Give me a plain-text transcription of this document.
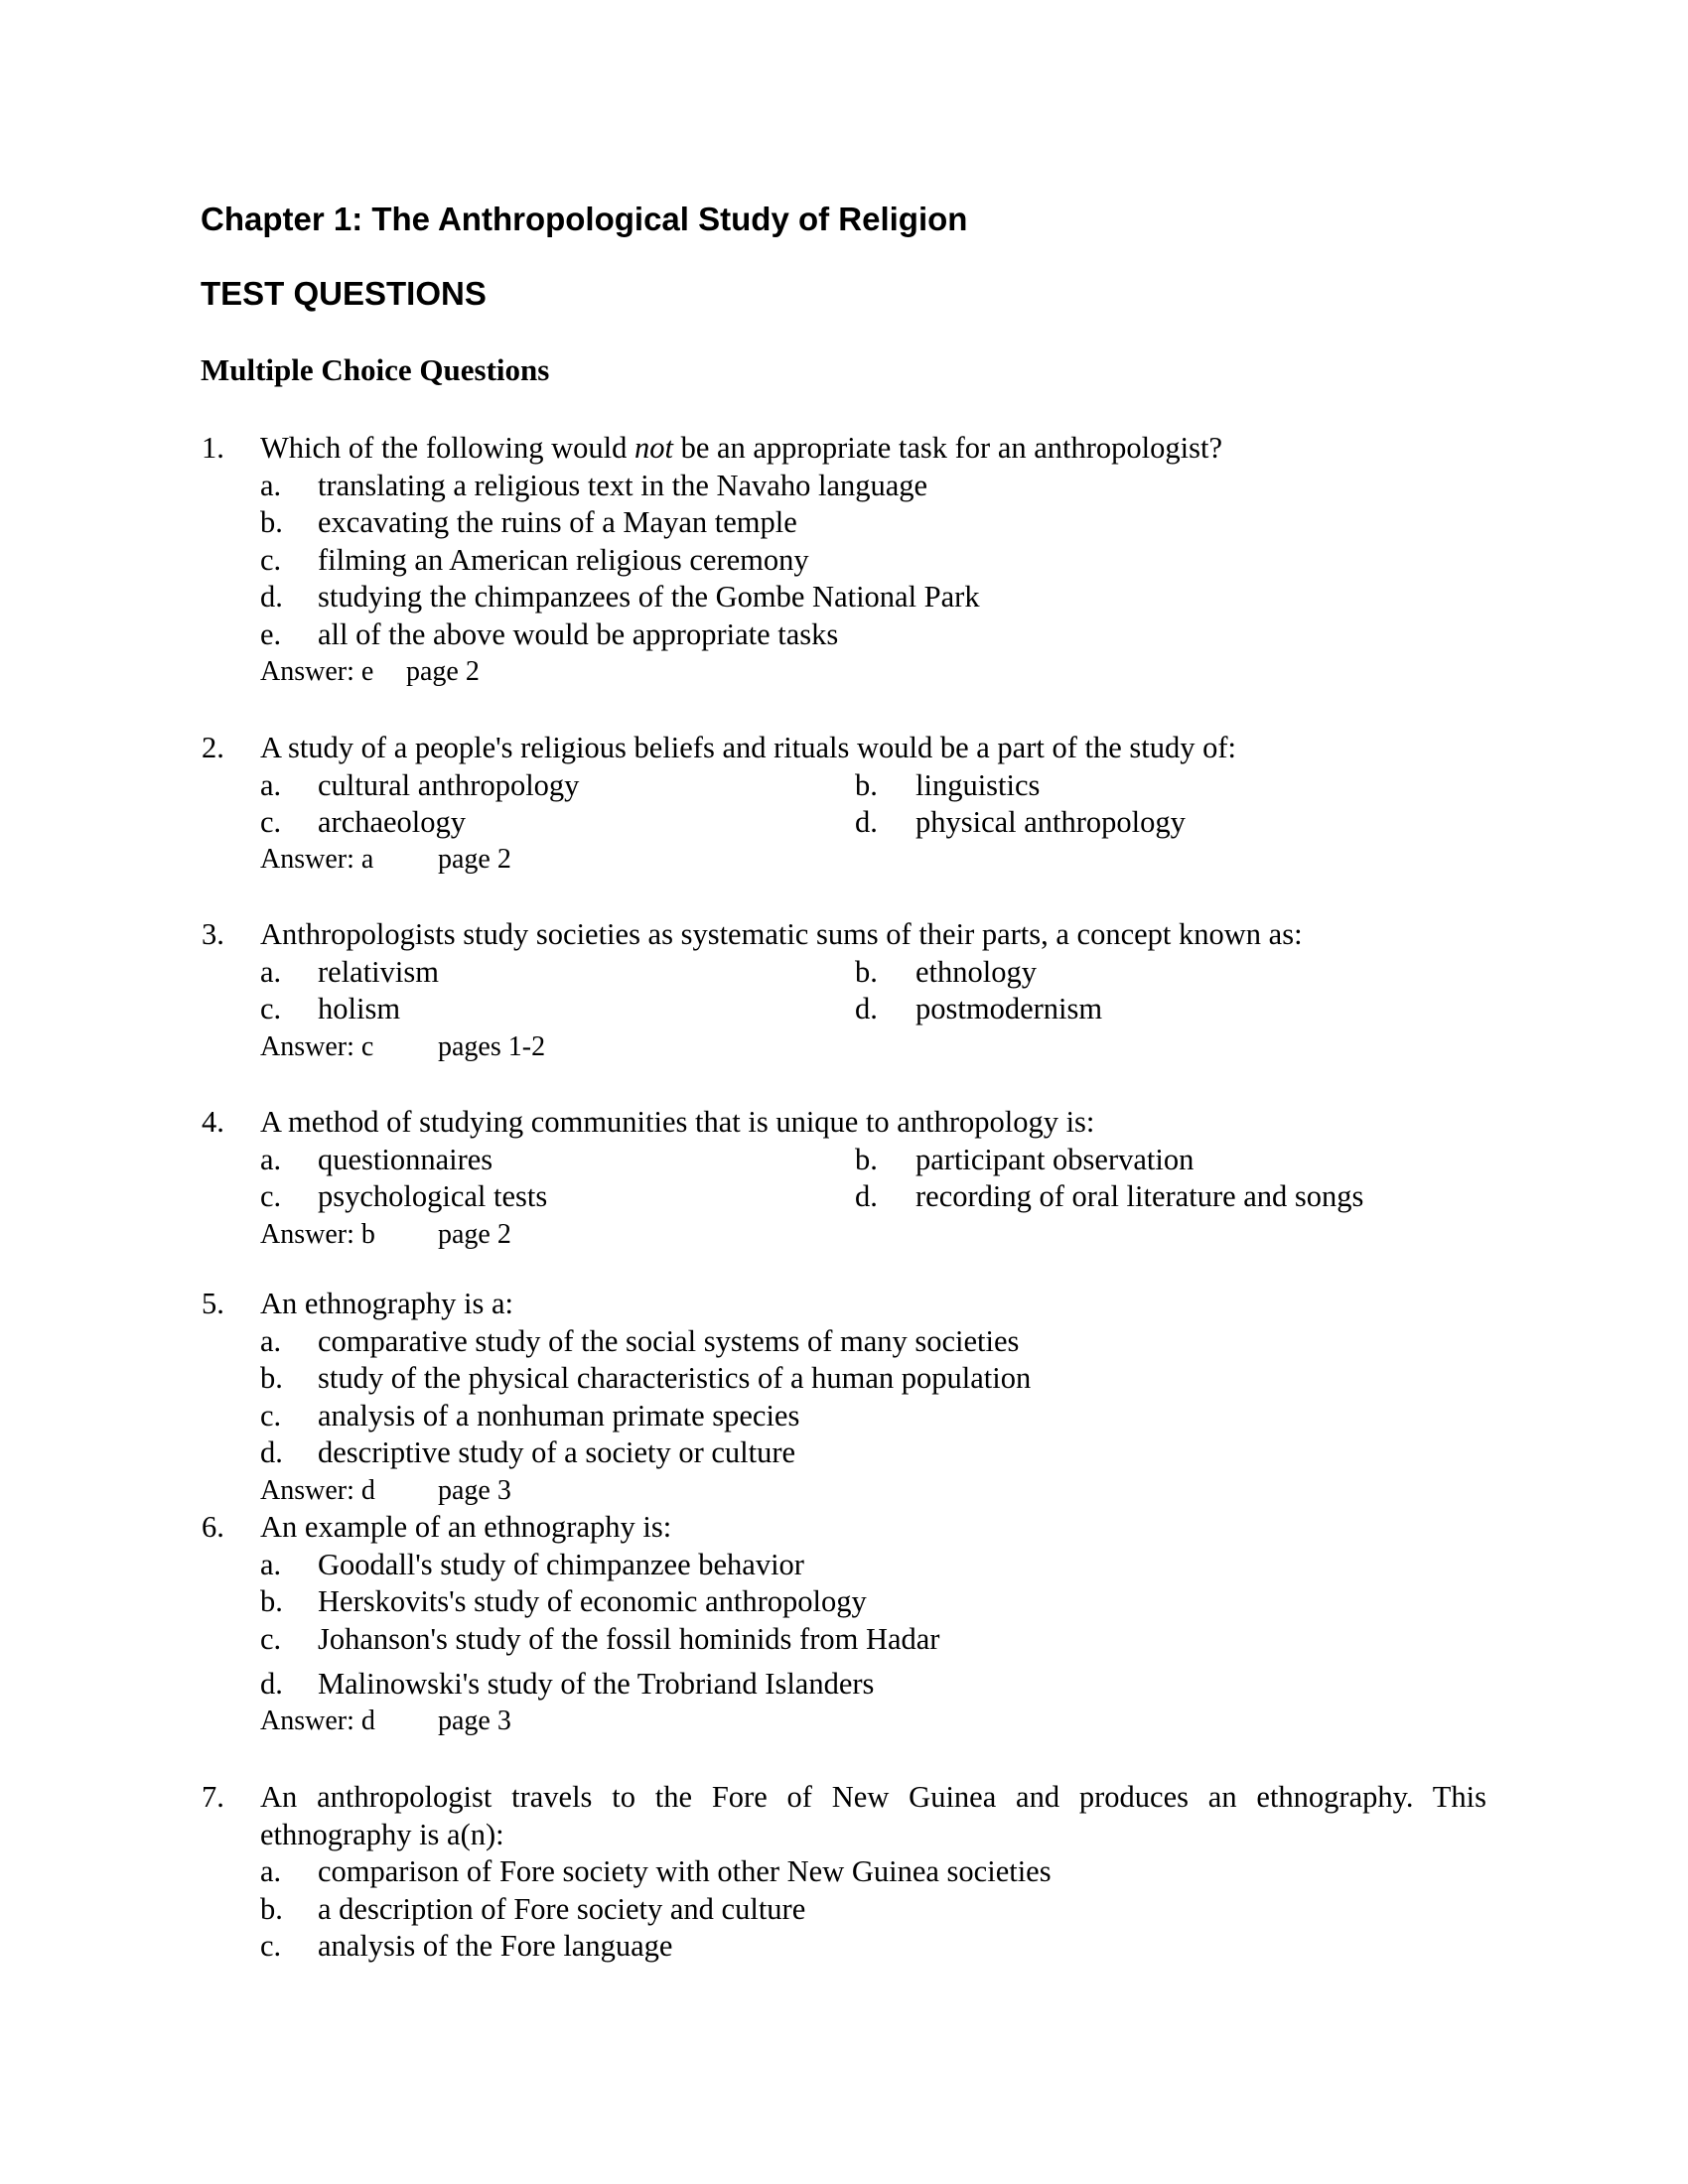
Chapter 1: The Anthropological Study of Religion
TEST QUESTIONS
Multiple Choice Questions
1. Which of the following would not be an appropriate task for an anthropologist?
a. translating a religious text in the Navaho language
b. excavating the ruins of a Mayan temple
c. filming an American religious ceremony
d. studying the chimpanzees of the Gombe National Park
e. all of the above would be appropriate tasks
Answer: e page 2
2. A study of a people's religious beliefs and rituals would be a part of the study of:
a. cultural anthropology	b. linguistics
c. archaeology	d. physical anthropology
Answer: a page 2
3. Anthropologists study societies as systematic sums of their parts, a concept known as:
a. relativism	b. ethnology
c. holism	d. postmodernism
Answer: c pages 1-2
4. A method of studying communities that is unique to anthropology is:
a. questionnaires	b. participant observation
c. psychological tests	d. recording of oral literature and songs
Answer: b page 2
5. An ethnography is a:
a. comparative study of the social systems of many societies
b. study of the physical characteristics of a human population
c. analysis of a nonhuman primate species
d. descriptive study of a society or culture
Answer: d page 3
6. An example of an ethnography is:
a. Goodall's study of chimpanzee behavior
b. Herskovits's study of economic anthropology
c. Johanson's study of the fossil hominids from Hadar
d. Malinowski's study of the Trobriand Islanders
Answer: d page 3
7. An anthropologist travels to the Fore of New Guinea and produces an ethnography. This
ethnography is a(n):
a. comparison of Fore society with other New Guinea societies
b. a description of Fore society and culture
c. analysis of the Fore language
